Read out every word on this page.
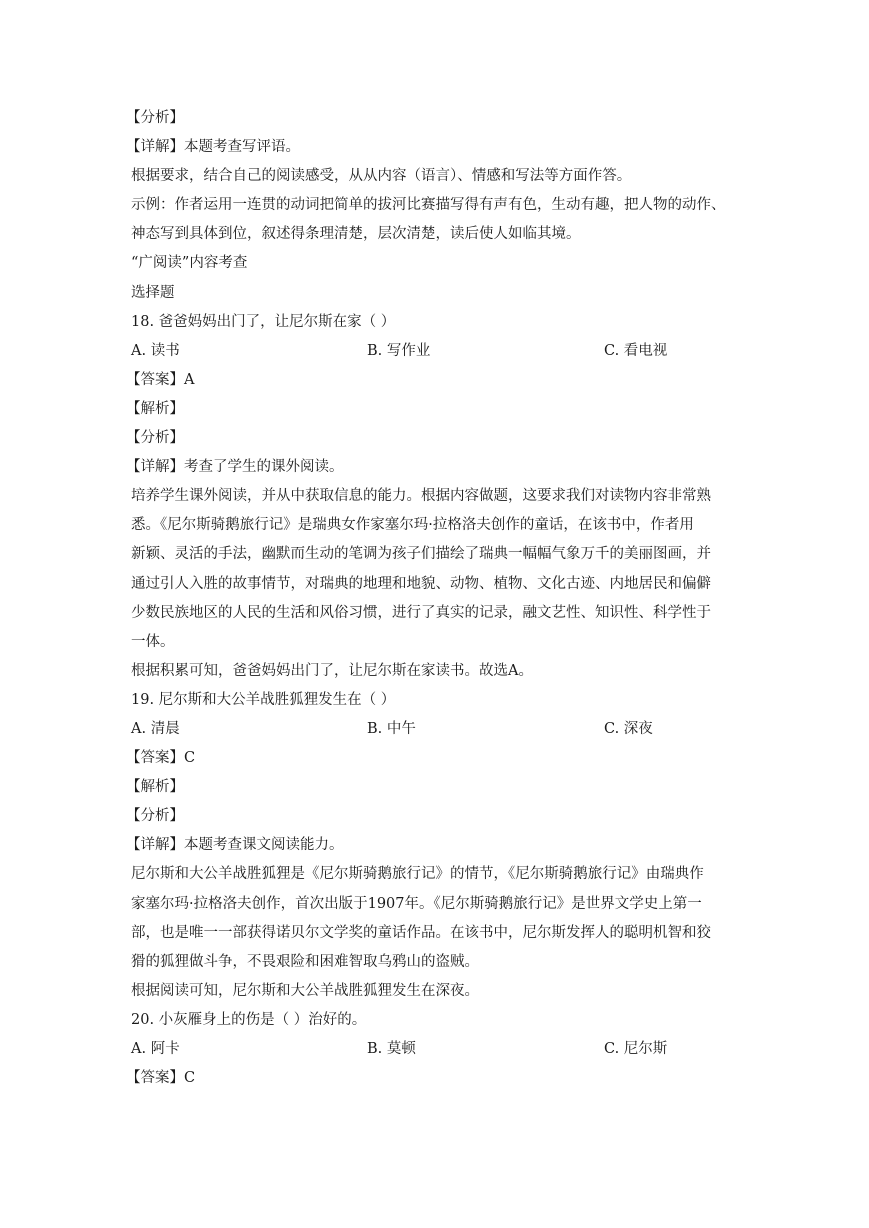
【分析】
【详解】本题考查写评语。
根据要求，结合自己的阅读感受，从从内容（语言）、情感和写法等方面作答。
示例：作者运用一连贯的动词把简单的拔河比赛描写得有声有色，生动有趣，把人物的动作、
神态写到具体到位，叙述得条理清楚，层次清楚，读后使人如临其境。
“广阅读”内容考查
选择题
18. 爸爸妈妈出门了，让尼尔斯在家（ ）
A. 读书	B. 写作业	C. 看电视
【答案】A
【解析】
【分析】
【详解】考查了学生的课外阅读。
培养学生课外阅读，并从中获取信息的能力。根据内容做题，这要求我们对读物内容非常熟
悉。《尼尔斯骑鹅旅行记》是瑞典女作家塞尔玛·拉格洛夫创作的童话，在该书中，作者用
新颖、灵活的手法，幽默而生动的笔调为孩子们描绘了瑞典一幅幅气象万千的美丽图画，并
通过引人入胜的故事情节，对瑞典的地理和地貌、动物、植物、文化古迹、内地居民和偏僻
少数民族地区的人民的生活和风俗习惯，进行了真实的记录，融文艺性、知识性、科学性于
一体。
根据积累可知，爸爸妈妈出门了，让尼尔斯在家读书。故选A。
19. 尼尔斯和大公羊战胜狐狸发生在（ ）
A. 清晨	B. 中午	C. 深夜
【答案】C
【解析】
【分析】
【详解】本题考查课文阅读能力。
尼尔斯和大公羊战胜狐狸是《尼尔斯骑鹅旅行记》的情节，《尼尔斯骑鹅旅行记》由瑞典作
家塞尔玛·拉格洛夫创作，首次出版于1907年。《尼尔斯骑鹅旅行记》是世界文学史上第一
部，也是唯一一部获得诺贝尔文学奖的童话作品。在该书中，尼尔斯发挥人的聪明机智和狡
猾的狐狸做斗争，不畏艰险和困难智取乌鸦山的盗贼。
根据阅读可知，尼尔斯和大公羊战胜狐狸发生在深夜。
20. 小灰雁身上的伤是（ ）治好的。
A. 阿卡	B. 莫顿	C. 尼尔斯
【答案】C
